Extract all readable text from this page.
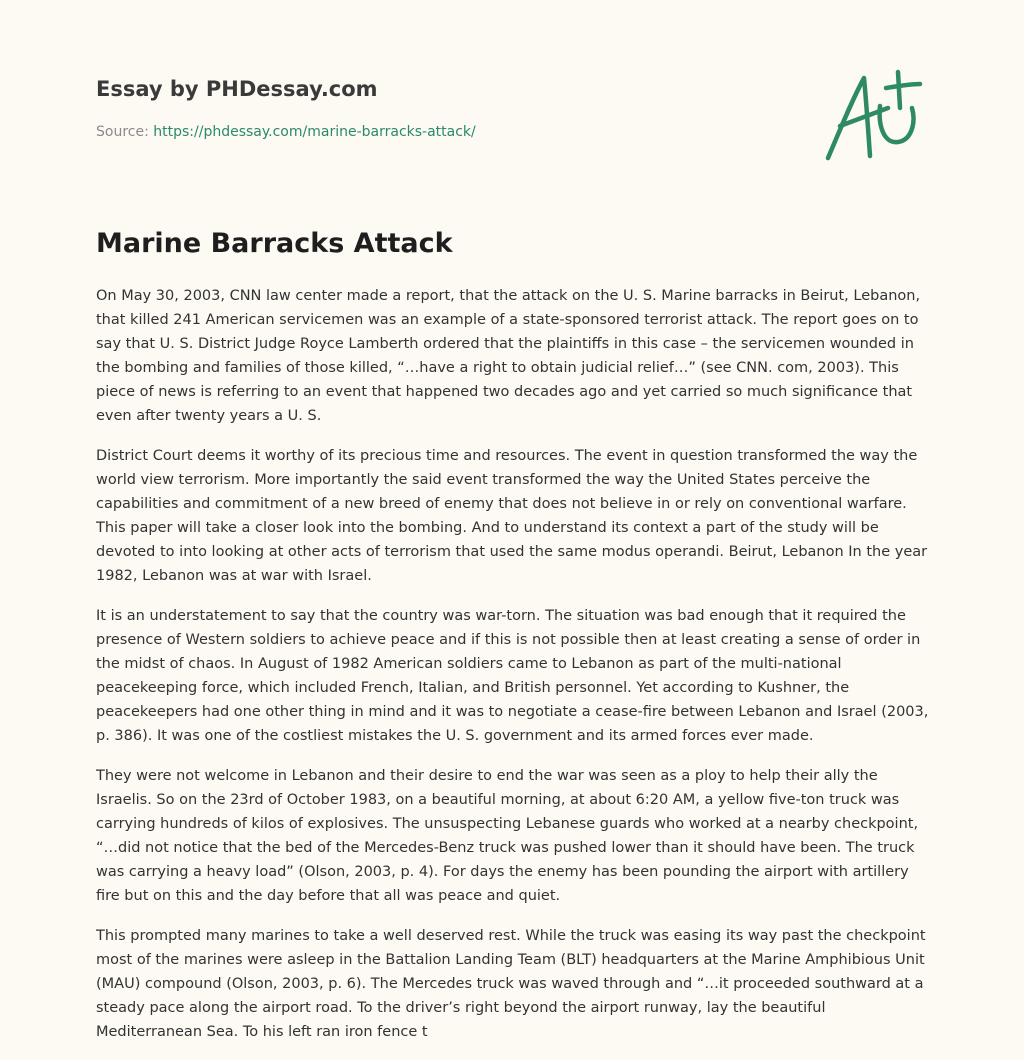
Essay by PHDessay.com
Source: https://phdessay.com/marine-barracks-attack/
Marine Barracks Attack

On May 30, 2003, CNN law center made a report, that the attack on the U. S. Marine barracks in Beirut, Lebanon, that killed 241 American servicemen was an example of a state-sponsored terrorist attack. The report goes on to say that U. S. District Judge Royce Lamberth ordered that the plaintiffs in this case – the servicemen wounded in the bombing and families of those killed, “…have a right to obtain judicial relief…” (see CNN. com, 2003). This piece of news is referring to an event that happened two decades ago and yet carried so much significance that even after twenty years a U. S.

District Court deems it worthy of its precious time and resources. The event in question transformed the way the world view terrorism. More importantly the said event transformed the way the United States perceive the capabilities and commitment of a new breed of enemy that does not believe in or rely on conventional warfare. This paper will take a closer look into the bombing. And to understand its context a part of the study will be devoted to into looking at other acts of terrorism that used the same modus operandi. Beirut, Lebanon In the year 1982, Lebanon was at war with Israel.

It is an understatement to say that the country was war-torn. The situation was bad enough that it required the presence of Western soldiers to achieve peace and if this is not possible then at least creating a sense of order in the midst of chaos. In August of 1982 American soldiers came to Lebanon as part of the multi-national peacekeeping force, which included French, Italian, and British personnel. Yet according to Kushner, the peacekeepers had one other thing in mind and it was to negotiate a cease-fire between Lebanon and Israel (2003, p. 386). It was one of the costliest mistakes the U. S. government and its armed forces ever made.

They were not welcome in Lebanon and their desire to end the war was seen as a ploy to help their ally the Israelis. So on the 23rd of October 1983, on a beautiful morning, at about 6:20 AM, a yellow five-ton truck was carrying hundreds of kilos of explosives. The unsuspecting Lebanese guards who worked at a nearby checkpoint, “…did not notice that the bed of the Mercedes-Benz truck was pushed lower than it should have been. The truck was carrying a heavy load” (Olson, 2003, p. 4). For days the enemy has been pounding the airport with artillery fire but on this and the day before that all was peace and quiet.

This prompted many marines to take a well deserved rest. While the truck was easing its way past the checkpoint most of the marines were asleep in the Battalion Landing Team (BLT) headquarters at the Marine Amphibious Unit (MAU) compound (Olson, 2003, p. 6). The Mercedes truck was waved through and “…it proceeded southward at a steady pace along the airport road. To the driver’s right beyond the airport runway, lay the beautiful Mediterranean Sea. To his left ran iron fence t
